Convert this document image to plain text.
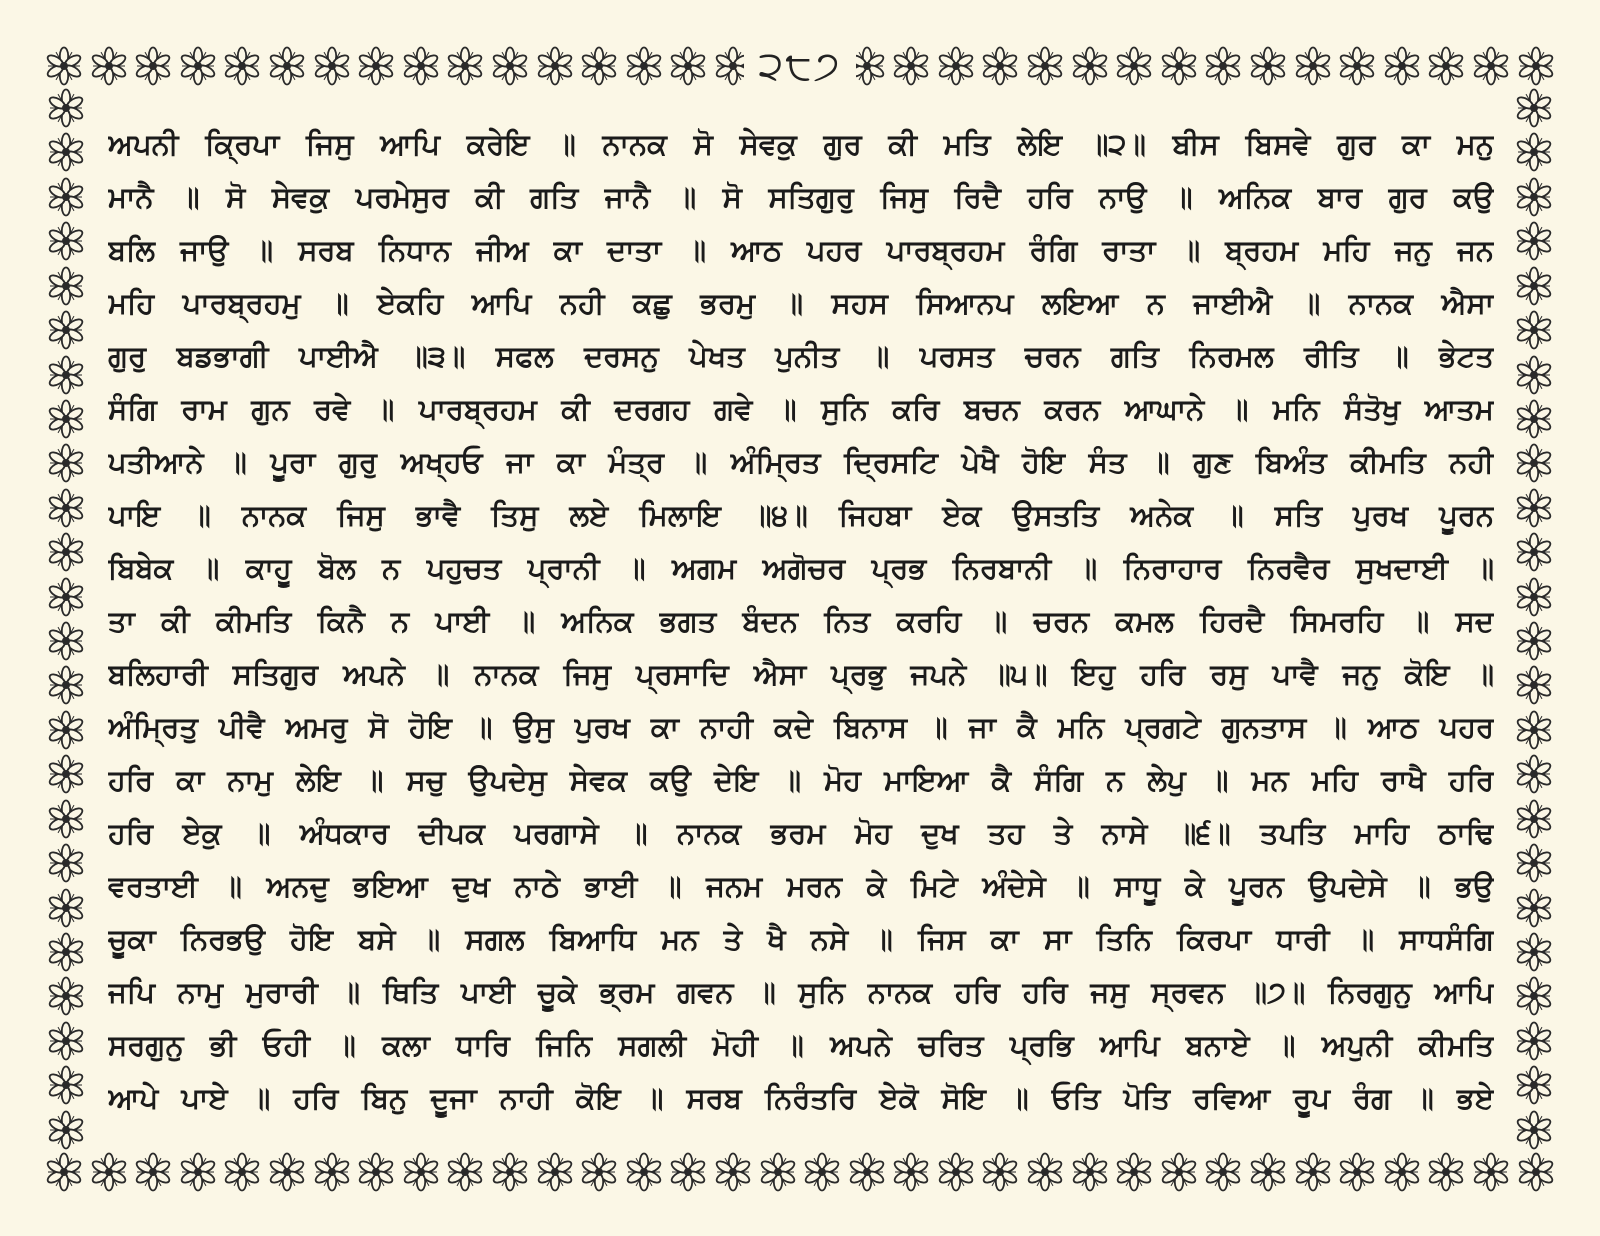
੨੮੭
ਅਪਨੀ ਕ੍ਰਿਪਾ ਜਿਸੁ ਆਪਿ ਕਰੇਇ ॥ ਨਾਨਕ ਸੋ ਸੇਵਕੁ ਗੁਰ ਕੀ ਮਤਿ ਲੇਇ ॥੨॥ ਬੀਸ ਬਿਸਵੇ ਗੁਰ ਕਾ ਮਨੁ
ਮਾਨੈ ॥ ਸੋ ਸੇਵਕੁ ਪਰਮੇਸੁਰ ਕੀ ਗਤਿ ਜਾਨੈ ॥ ਸੋ ਸਤਿਗੁਰੁ ਜਿਸੁ ਰਿਦੈ ਹਰਿ ਨਾਉ ॥ ਅਨਿਕ ਬਾਰ ਗੁਰ ਕਉ
ਬਲਿ ਜਾਉ ॥ ਸਰਬ ਨਿਧਾਨ ਜੀਅ ਕਾ ਦਾਤਾ ॥ ਆਠ ਪਹਰ ਪਾਰਬ੍ਰਹਮ ਰੰਗਿ ਰਾਤਾ ॥ ਬ੍ਰਹਮ ਮਹਿ ਜਨੁ ਜਨ
ਮਹਿ ਪਾਰਬ੍ਰਹਮੁ ॥ ਏਕਹਿ ਆਪਿ ਨਹੀ ਕਛੁ ਭਰਮੁ ॥ ਸਹਸ ਸਿਆਨਪ ਲਇਆ ਨ ਜਾਈਐ ॥ ਨਾਨਕ ਐਸਾ
ਗੁਰੁ ਬਡਭਾਗੀ ਪਾਈਐ ॥੩॥ ਸਫਲ ਦਰਸਨੁ ਪੇਖਤ ਪੁਨੀਤ ॥ ਪਰਸਤ ਚਰਨ ਗਤਿ ਨਿਰਮਲ ਰੀਤਿ ॥ ਭੇਟਤ
ਸੰਗਿ ਰਾਮ ਗੁਨ ਰਵੇ ॥ ਪਾਰਬ੍ਰਹਮ ਕੀ ਦਰਗਹ ਗਵੇ ॥ ਸੁਨਿ ਕਰਿ ਬਚਨ ਕਰਨ ਆਘਾਨੇ ॥ ਮਨਿ ਸੰਤੋਖੁ ਆਤਮ
ਪਤੀਆਨੇ ॥ ਪੂਰਾ ਗੁਰੁ ਅਖ੍ਹਓ ਜਾ ਕਾ ਮੰਤ੍ਰ ॥ ਅੰਮ੍ਰਿਤ ਦ੍ਰਿਸਟਿ ਪੇਖੈ ਹੋਇ ਸੰਤ ॥ ਗੁਣ ਬਿਅੰਤ ਕੀਮਤਿ ਨਹੀ
ਪਾਇ ॥ ਨਾਨਕ ਜਿਸੁ ਭਾਵੈ ਤਿਸੁ ਲਏ ਮਿਲਾਇ ॥੪॥ ਜਿਹਬਾ ਏਕ ਉਸਤਤਿ ਅਨੇਕ ॥ ਸਤਿ ਪੁਰਖ ਪੂਰਨ
ਬਿਬੇਕ ॥ ਕਾਹੂ ਬੋਲ ਨ ਪਹੁਚਤ ਪ੍ਰਾਨੀ ॥ ਅਗਮ ਅਗੋਚਰ ਪ੍ਰਭ ਨਿਰਬਾਨੀ ॥ ਨਿਰਾਹਾਰ ਨਿਰਵੈਰ ਸੁਖਦਾਈ ॥
ਤਾ ਕੀ ਕੀਮਤਿ ਕਿਨੈ ਨ ਪਾਈ ॥ ਅਨਿਕ ਭਗਤ ਬੰਦਨ ਨਿਤ ਕਰਹਿ ॥ ਚਰਨ ਕਮਲ ਹਿਰਦੈ ਸਿਮਰਹਿ ॥ ਸਦ
ਬਲਿਹਾਰੀ ਸਤਿਗੁਰ ਅਪਨੇ ॥ ਨਾਨਕ ਜਿਸੁ ਪ੍ਰਸਾਦਿ ਐਸਾ ਪ੍ਰਭੁ ਜਪਨੇ ॥੫॥ ਇਹੁ ਹਰਿ ਰਸੁ ਪਾਵੈ ਜਨੁ ਕੋਇ ॥
ਅੰਮ੍ਰਿਤੁ ਪੀਵੈ ਅਮਰੁ ਸੋ ਹੋਇ ॥ ਉਸੁ ਪੁਰਖ ਕਾ ਨਾਹੀ ਕਦੇ ਬਿਨਾਸ ॥ ਜਾ ਕੈ ਮਨਿ ਪ੍ਰਗਟੇ ਗੁਨਤਾਸ ॥ ਆਠ ਪਹਰ
ਹਰਿ ਕਾ ਨਾਮੁ ਲੇਇ ॥ ਸਚੁ ਉਪਦੇਸੁ ਸੇਵਕ ਕਉ ਦੇਇ ॥ ਮੋਹ ਮਾਇਆ ਕੈ ਸੰਗਿ ਨ ਲੇਪੁ ॥ ਮਨ ਮਹਿ ਰਾਖੈ ਹਰਿ
ਹਰਿ ਏਕੁ ॥ ਅੰਧਕਾਰ ਦੀਪਕ ਪਰਗਾਸੇ ॥ ਨਾਨਕ ਭਰਮ ਮੋਹ ਦੁਖ ਤਹ ਤੇ ਨਾਸੇ ॥੬॥ ਤਪਤਿ ਮਾਹਿ ਠਾਢਿ
ਵਰਤਾਈ ॥ ਅਨਦੁ ਭਇਆ ਦੁਖ ਨਾਠੇ ਭਾਈ ॥ ਜਨਮ ਮਰਨ ਕੇ ਮਿਟੇ ਅੰਦੇਸੇ ॥ ਸਾਧੂ ਕੇ ਪੂਰਨ ਉਪਦੇਸੇ ॥ ਭਉ
ਚੂਕਾ ਨਿਰਭਉ ਹੋਇ ਬਸੇ ॥ ਸਗਲ ਬਿਆਧਿ ਮਨ ਤੇ ਖੈ ਨਸੇ ॥ ਜਿਸ ਕਾ ਸਾ ਤਿਨਿ ਕਿਰਪਾ ਧਾਰੀ ॥ ਸਾਧਸੰਗਿ
ਜਪਿ ਨਾਮੁ ਮੁਰਾਰੀ ॥ ਥਿਤਿ ਪਾਈ ਚੂਕੇ ਭ੍ਰਮ ਗਵਨ ॥ ਸੁਨਿ ਨਾਨਕ ਹਰਿ ਹਰਿ ਜਸੁ ਸ੍ਰਵਨ ॥੭॥ ਨਿਰਗੁਨੁ ਆਪਿ
ਸਰਗੁਨੁ ਭੀ ਓਹੀ ॥ ਕਲਾ ਧਾਰਿ ਜਿਨਿ ਸਗਲੀ ਮੋਹੀ ॥ ਅਪਨੇ ਚਰਿਤ ਪ੍ਰਭਿ ਆਪਿ ਬਨਾਏ ॥ ਅਪੁਨੀ ਕੀਮਤਿ
ਆਪੇ ਪਾਏ ॥ ਹਰਿ ਬਿਨੁ ਦੂਜਾ ਨਾਹੀ ਕੋਇ ॥ ਸਰਬ ਨਿਰੰਤਰਿ ਏਕੋ ਸੋਇ ॥ ਓਤਿ ਪੋਤਿ ਰਵਿਆ ਰੂਪ ਰੰਗ ॥ ਭਏ
